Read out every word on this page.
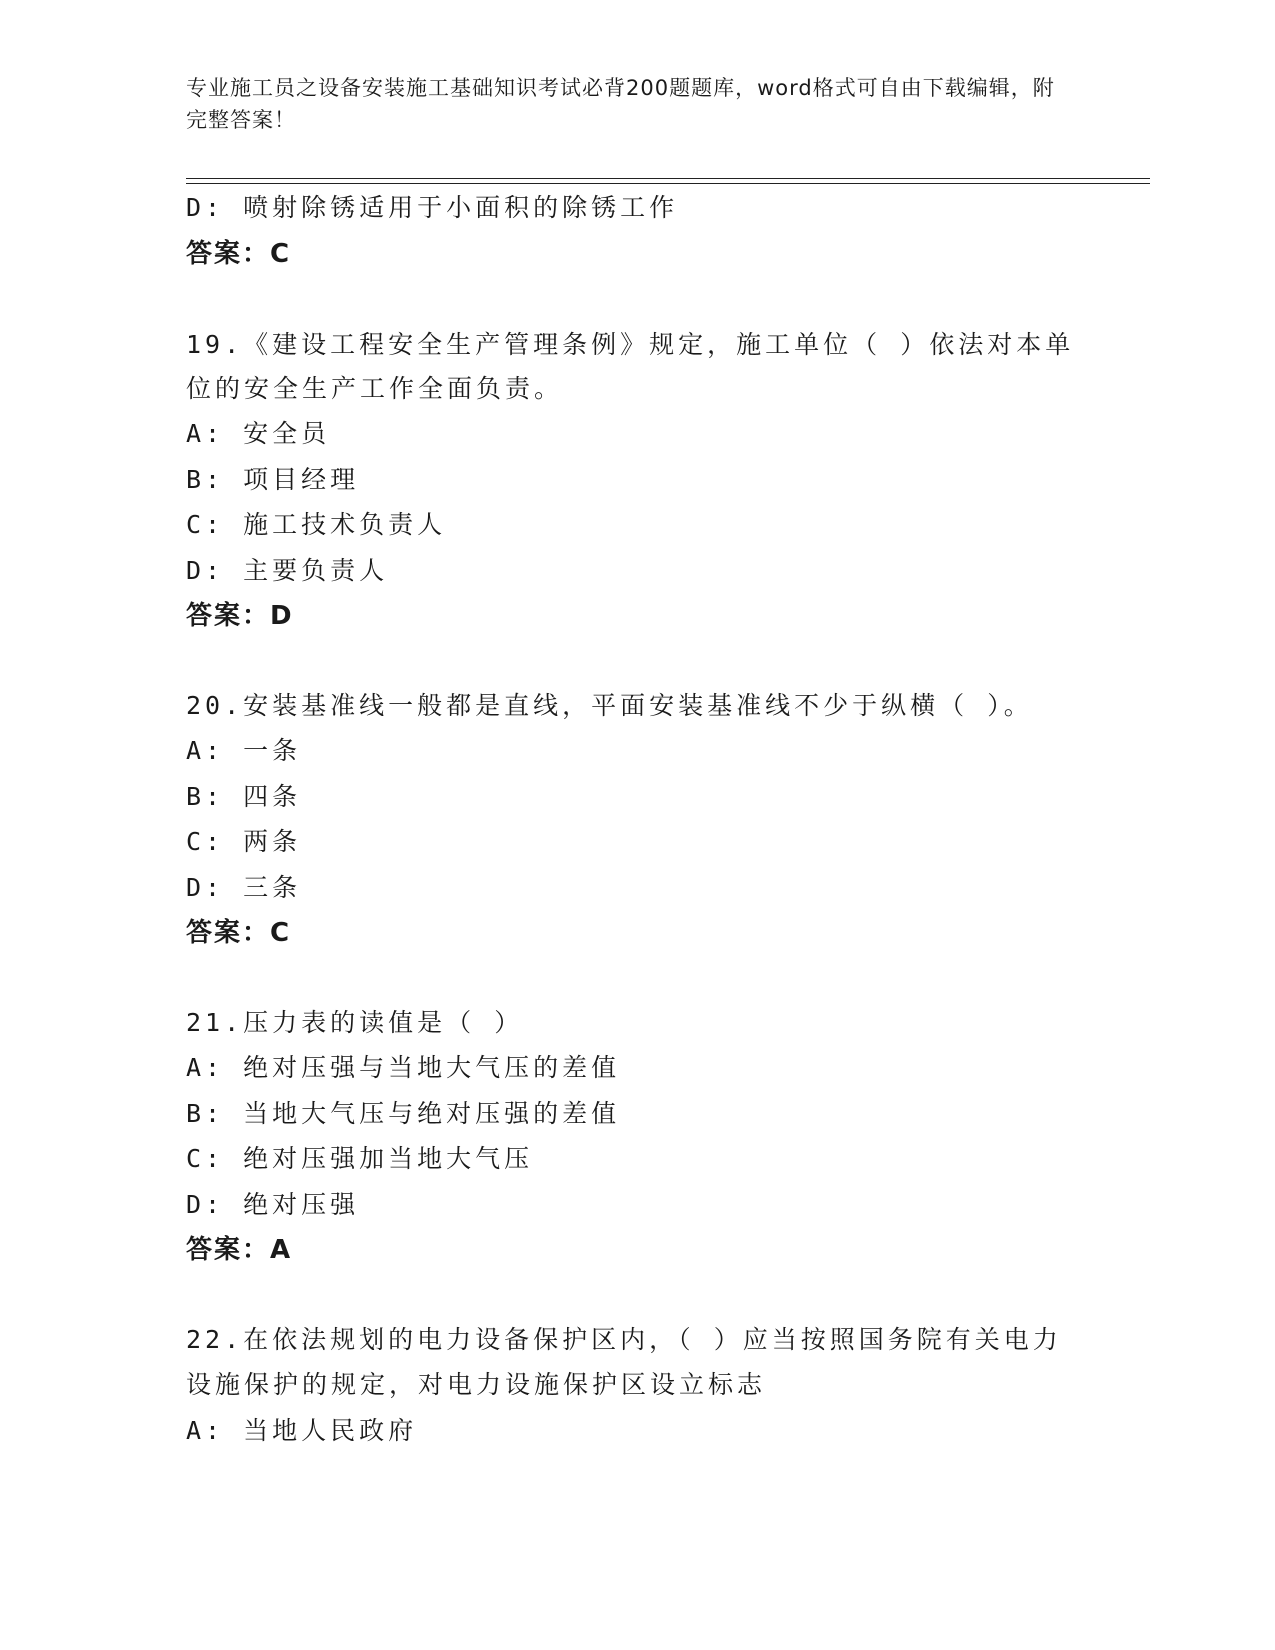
专业施工员之设备安装施工基础知识考试必背200题题库，word格式可自由下载编辑，附完整答案！
D: 喷射除锈适用于小面积的除锈工作
答案：C
19.《建设工程安全生产管理条例》规定，施工单位（ ）依法对本单
位的安全生产工作全面负责。
A: 安全员
B: 项目经理
C: 施工技术负责人
D: 主要负责人
答案：D
20.安装基准线一般都是直线，平面安装基准线不少于纵横（ ）。
A: 一条
B: 四条
C: 两条
D: 三条
答案：C
21.压力表的读值是（ ）
A: 绝对压强与当地大气压的差值
B: 当地大气压与绝对压强的差值
C: 绝对压强加当地大气压
D: 绝对压强
答案：A
22.在依法规划的电力设备保护区内，（ ）应当按照国务院有关电力
设施保护的规定，对电力设施保护区设立标志
A: 当地人民政府
